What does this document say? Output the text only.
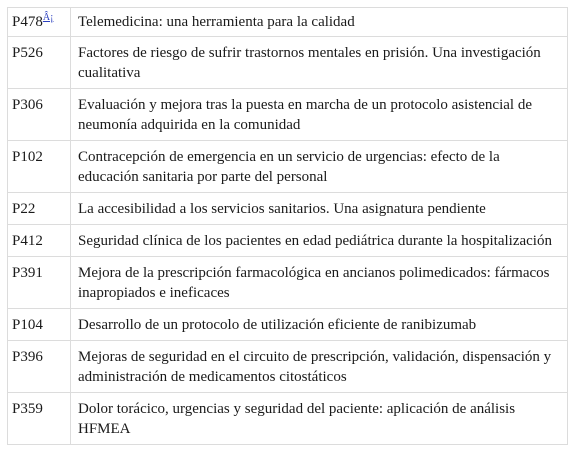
$P478^{Â¡}$	Telemedicina: una herramienta para la calidad
P526	Factores de riesgo de sufrir trastornos mentales en prisión. Una investigación cualitativa
P306	Evaluación y mejora tras la puesta en marcha de un protocolo asistencial de neumonía adquirida en la comunidad
P102	Contracepción de emergencia en un servicio de urgencias: efecto de la educación sanitaria por parte del personal
P22	La accesibilidad a los servicios sanitarios. Una asignatura pendiente
P412	Seguridad clínica de los pacientes en edad pediátrica durante la hospitalización
P391	Mejora de la prescripción farmacológica en ancianos polimedicados: fármacos inapropiados e ineficaces
P104	Desarrollo de un protocolo de utilización eficiente de ranibizumab
P396	Mejoras de seguridad en el circuito de prescripción, validación, dispensación y administración de medicamentos citostáticos
P359	Dolor torácico, urgencias y seguridad del paciente: aplicación de análisis HFMEA
